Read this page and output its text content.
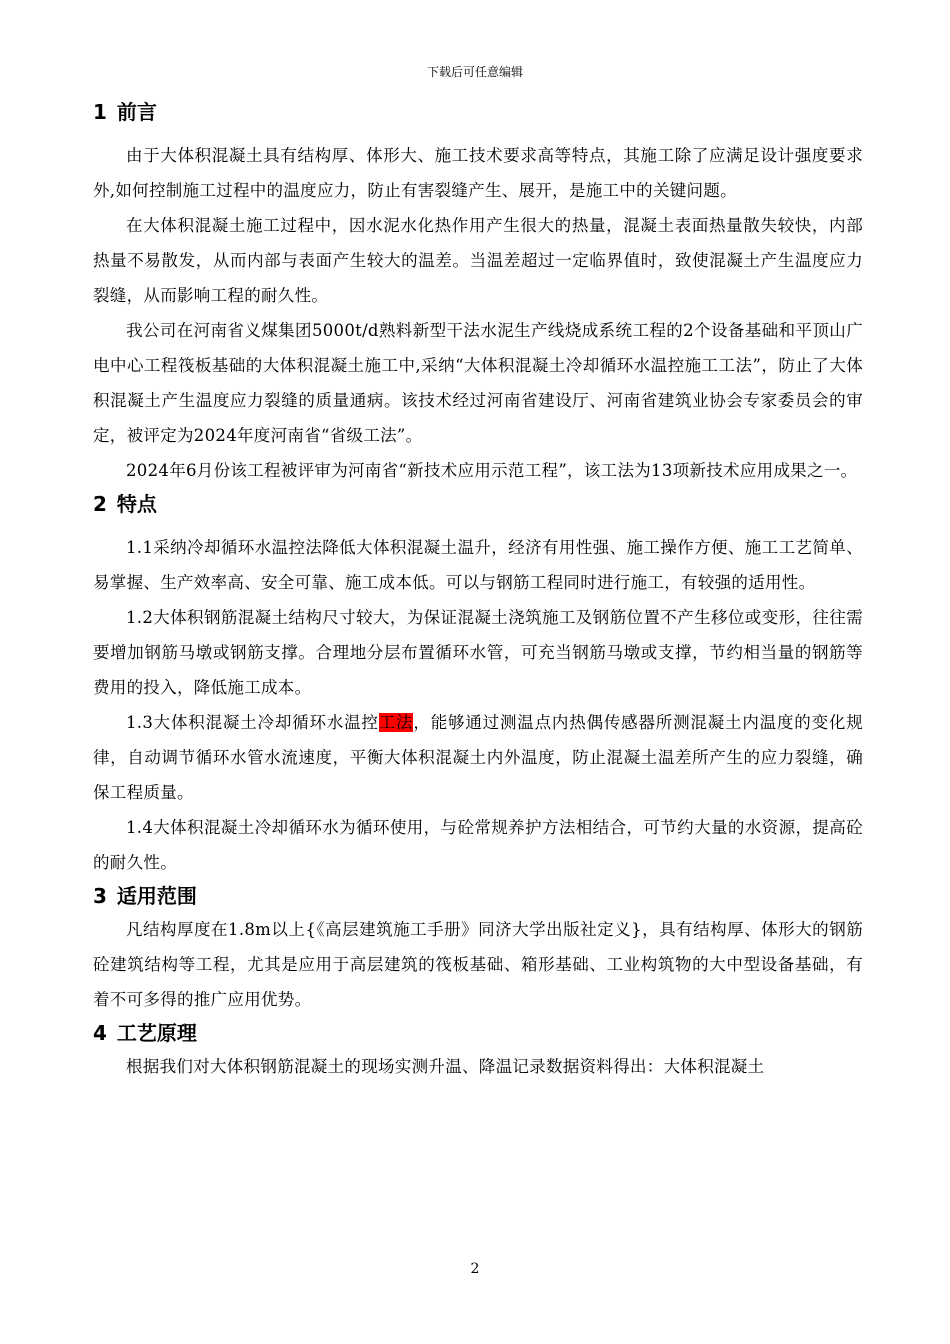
下载后可任意编辑
1 前言

由于大体积混凝土具有结构厚、体形大、施工技术要求高等特点，其施工除了应满足设计强度要求外,如何控制施工过程中的温度应力，防止有害裂缝产生、展开，是施工中的关键问题。

在大体积混凝土施工过程中，因水泥水化热作用产生很大的热量，混凝土表面热量散失较快，内部热量不易散发，从而内部与表面产生较大的温差。当温差超过一定临界值时，致使混凝土产生温度应力裂缝，从而影响工程的耐久性。

我公司在河南省义煤集团5000t/d熟料新型干法水泥生产线烧成系统工程的2个设备基础和平顶山广电中心工程筏板基础的大体积混凝土施工中,采纳“大体积混凝土冷却循环水温控施工工法”，防止了大体积混凝土产生温度应力裂缝的质量通病。该技术经过河南省建设厅、河南省建筑业协会专家委员会的审定，被评定为2024年度河南省“省级工法”。

2024年6月份该工程被评审为河南省“新技术应用示范工程”，该工法为13项新技术应用成果之一。

2 特点

1.1采纳冷却循环水温控法降低大体积混凝土温升，经济有用性强、施工操作方便、施工工艺简单、易掌握、生产效率高、安全可靠、施工成本低。可以与钢筋工程同时进行施工，有较强的适用性。

1.2大体积钢筋混凝土结构尺寸较大，为保证混凝土浇筑施工及钢筋位置不产生移位或变形，往往需要增加钢筋马墩或钢筋支撑。合理地分层布置循环水管，可充当钢筋马墩或支撑，节约相当量的钢筋等费用的投入，降低施工成本。

1.3大体积混凝土冷却循环水温控工法，能够通过测温点内热偶传感器所测混凝土内温度的变化规律，自动调节循环水管水流速度，平衡大体积混凝土内外温度，防止混凝土温差所产生的应力裂缝，确保工程质量。

1.4大体积混凝土冷却循环水为循环使用，与砼常规养护方法相结合，可节约大量的水资源，提高砼的耐久性。

3 适用范围

凡结构厚度在1.8m以上{《高层建筑施工手册》同济大学出版社定义}，具有结构厚、体形大的钢筋砼建筑结构等工程，尤其是应用于高层建筑的筏板基础、箱形基础、工业构筑物的大中型设备基础，有着不可多得的推广应用优势。

4 工艺原理

根据我们对大体积钢筋混凝土的现场实测升温、降温记录数据资料得出：大体积混凝土

2
